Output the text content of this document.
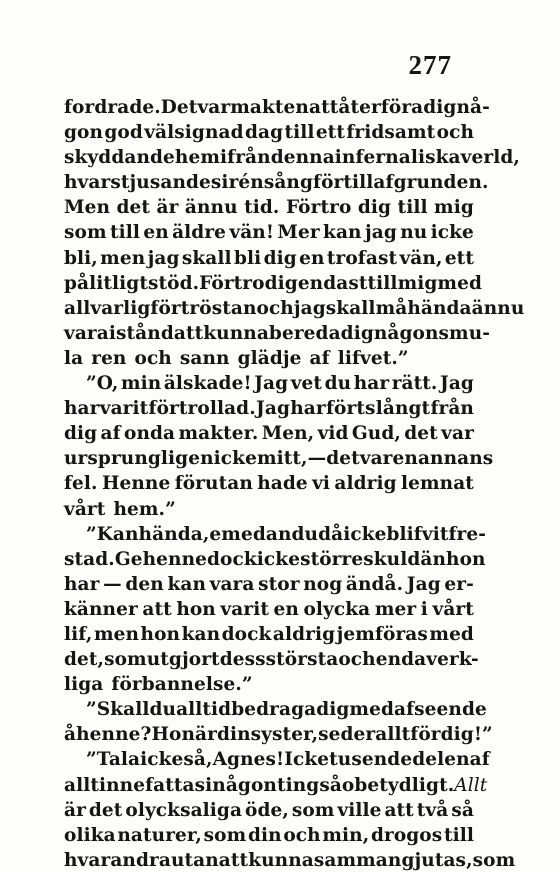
277
fordrade. Det var makten att återföra dig nå-
gon god välsignad dag till ett fridsamt och
skyddande hem ifrån denna infernaliska verld,
hvars tjusande sirénsång för till afgrunden.
Men det är ännu tid. Förtro dig till mig
som till en äldre vän! Mer kan jag nu icke
bli, men jag skall bli dig en trofast vän, ett
pålitligt stöd. Förtro dig endast till mig med
allvarlig förtröstan och jag skall måhända ännu
vara i stånd att kunna bereda dig någon smu-
la ren och sann glädje af lifvet.”
”O, min älskade! Jag vet du har rätt. Jag
har varit förtrollad. Jag har förts långt från
dig af onda makter. Men, vid Gud, det var
ursprungligen icke mitt, — det var en annans
fel. Henne förutan hade vi aldrig lemnat
vårt hem.”
”Kanhända, emedan du då icke blifvit fre-
stad. Ge henne dock icke större skuld än hon
har — den kan vara stor nog ändå. Jag er-
känner att hon varit en olycka mer i vårt
lif, men hon kan dock aldrig jemföras med
det, som utgjort dess största och enda verk-
liga förbannelse.”
”Skall du alltid bedraga dig med afseende
å henne? Hon är din syster, se der allt för dig!”
”Tala icke så, Agnes! Icke tusendedelen af
allt innefattas i någonting så obetydligt. Allt
är det olycksaliga öde, som ville att två så
olika naturer, som din och min, drogos till
hvarandra utan att kunna sammangjutas, som
